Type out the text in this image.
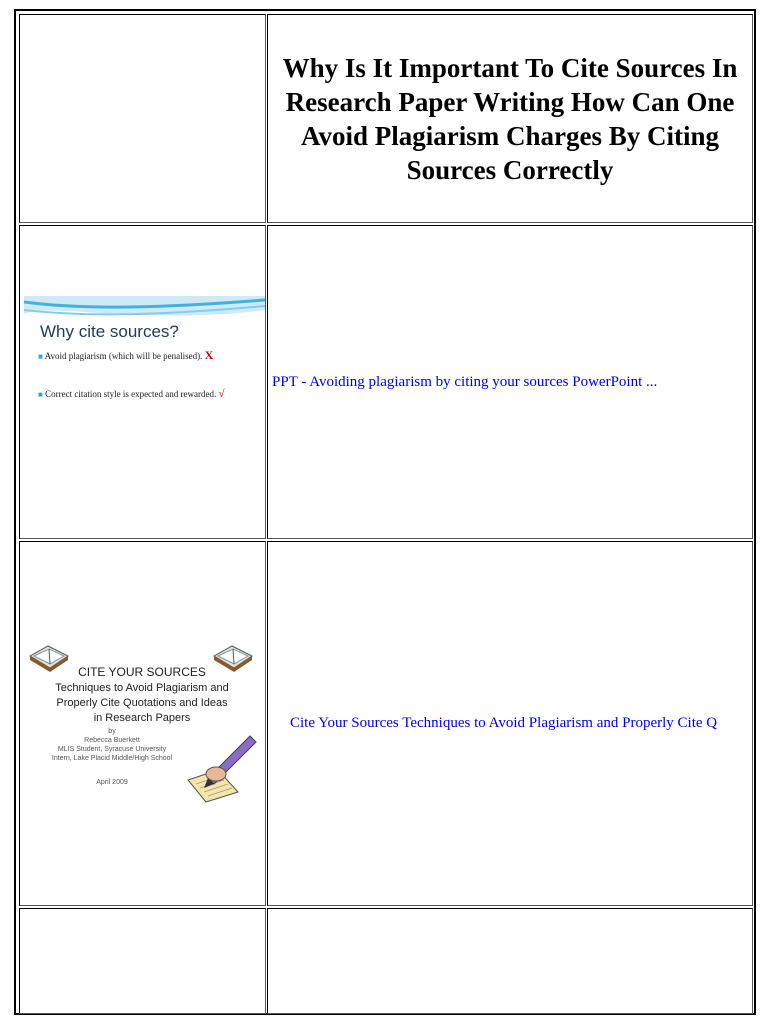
Why Is It Important To Cite Sources In Research Paper Writing How Can One Avoid Plagiarism Charges By Citing Sources Correctly
Why cite sources?
■ Avoid plagiarism (which will be penalised). X
■ Correct citation style is expected and rewarded. √
PPT - Avoiding plagiarism by citing your sources PowerPoint ...
CITE YOUR SOURCES
Techniques to Avoid Plagiarism and
Properly Cite Quotations and Ideas
in Research Papers
by
Rebecca Buerkett
MLIS Student, Syracuse University
Intern, Lake Placid Middle/High School
April 2009
Cite Your Sources Techniques to Avoid Plagiarism and Properly Cite Q
